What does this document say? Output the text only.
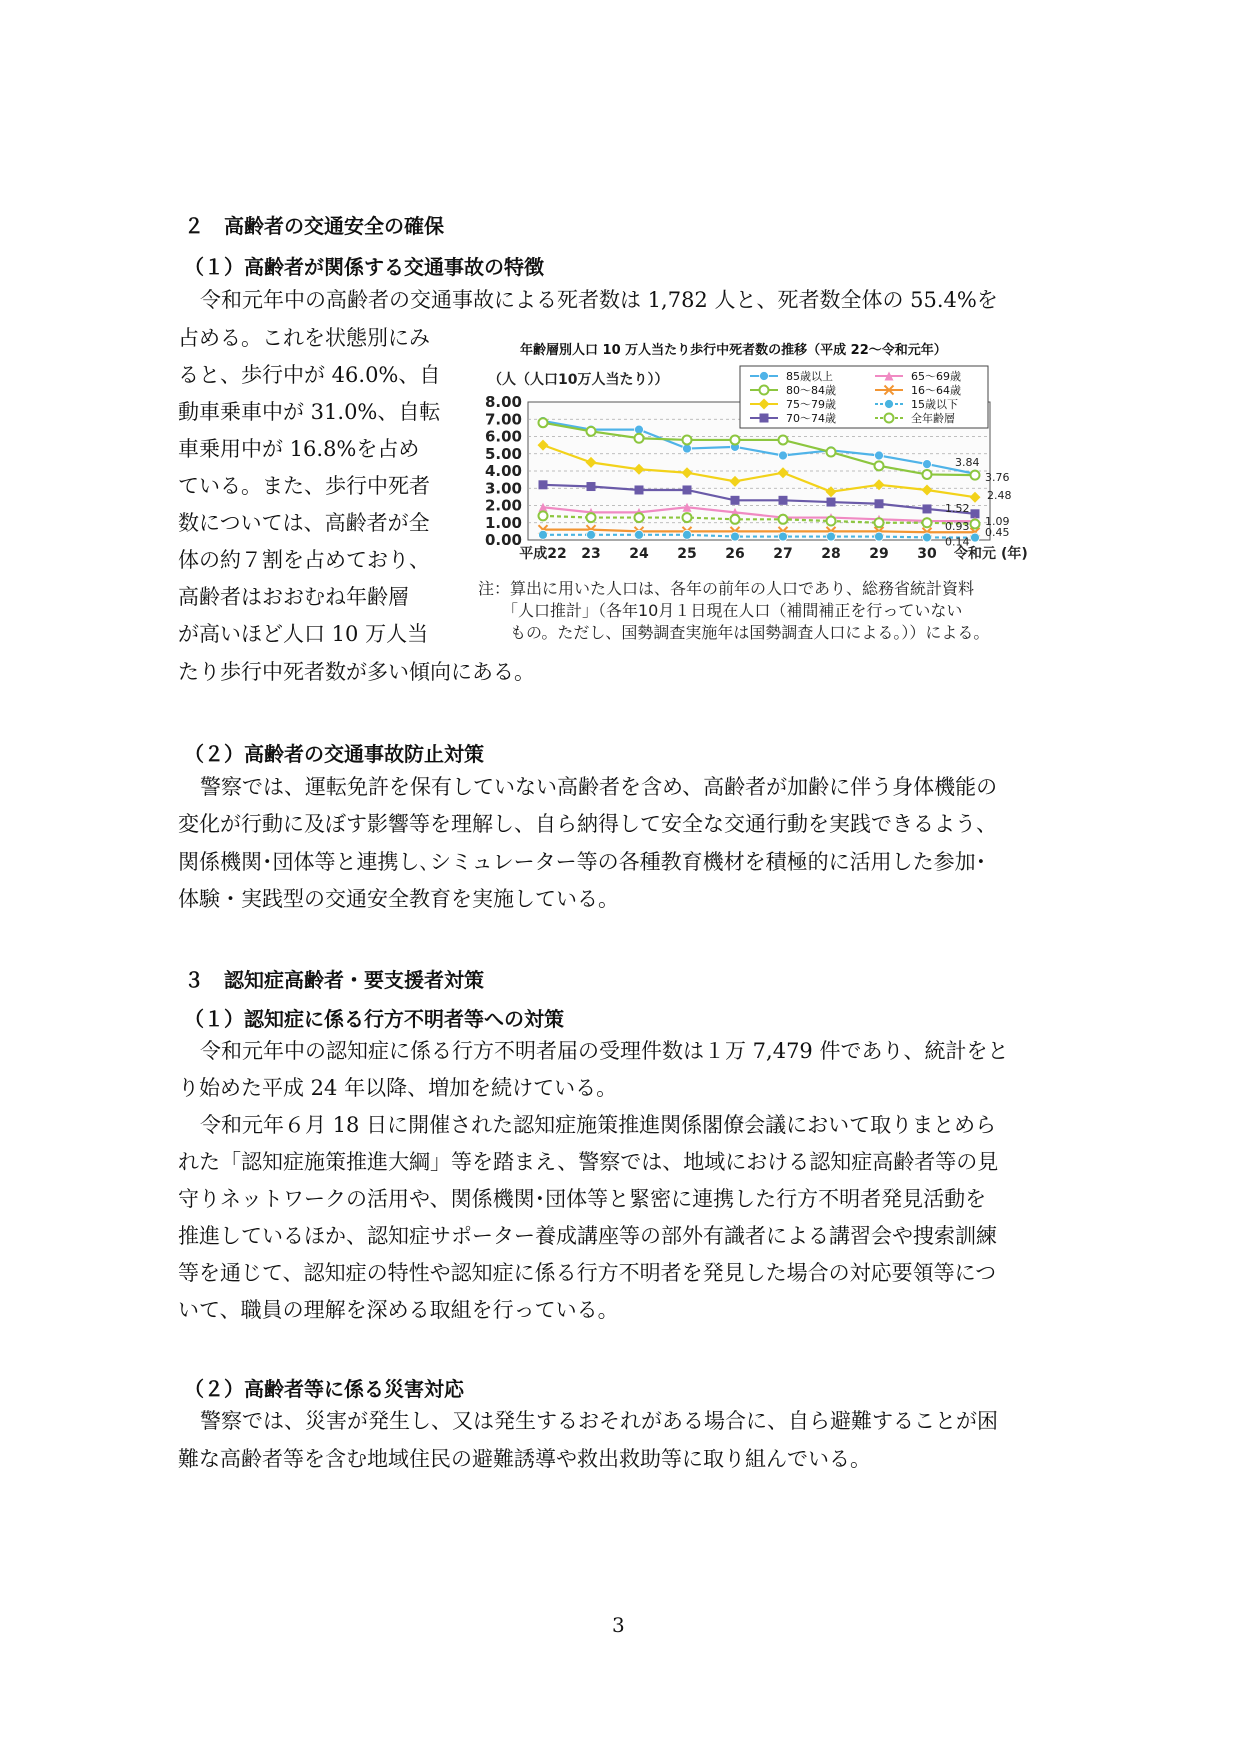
２　高齢者の交通安全の確保
（１）高齢者が関係する交通事故の特徴
令和元年中の高齢者の交通事故による死者数は 1,782 人と、死者数全体の 55.4%を
占める。これを状態別にみ
ると、歩行中が 46.0%、自
動車乗車中が 31.0%、自転
車乗用中が 16.8%を占め
ている。また、歩行中死者
数については、高齢者が全
体の約７割を占めており、
高齢者はおおむね年齢層
が高いほど人口 10 万人当
たり歩行中死者数が多い傾向にある。
年齢層別人口 10 万人当たり歩行中死者数の推移（平成 22～令和元年）
（人（人口10万人当たり））
0.00
1.00
2.00
3.00
4.00
5.00
6.00
7.00
8.00
平成22 23 24 25 26 27 28 29 30 令和元 (年)
85歳以上	65～69歳
80～84歳	16～64歳
75～79歳	15歳以下
70～74歳	全年齢層
3.84
3.76
2.48
1.52
1.09
0.93 0.45
0.14
注：算出に用いた人口は、各年の前年の人口であり、総務省統計資料
　　「人口推計」（各年10月１日現在人口（補間補正を行っていない
　　もの。ただし、国勢調査実施年は国勢調査人口による。））による。
（２）高齢者の交通事故防止対策
警察では、運転免許を保有していない高齢者を含め、高齢者が加齢に伴う身体機能の
変化が行動に及ぼす影響等を理解し、自ら納得して安全な交通行動を実践できるよう、
関係機関･団体等と連携し､シミュレーター等の各種教育機材を積極的に活用した参加･
体験・実践型の交通安全教育を実施している。
３　認知症高齢者・要支援者対策
（１）認知症に係る行方不明者等への対策
令和元年中の認知症に係る行方不明者届の受理件数は１万 7,479 件であり、統計をと
り始めた平成 24 年以降、増加を続けている。
令和元年６月 18 日に開催された認知症施策推進関係閣僚会議において取りまとめら
れた「認知症施策推進大綱」等を踏まえ、警察では、地域における認知症高齢者等の見
守りネットワークの活用や、関係機関･団体等と緊密に連携した行方不明者発見活動を
推進しているほか、認知症サポーター養成講座等の部外有識者による講習会や捜索訓練
等を通じて、認知症の特性や認知症に係る行方不明者を発見した場合の対応要領等につ
いて、職員の理解を深める取組を行っている。
（２）高齢者等に係る災害対応
警察では、災害が発生し、又は発生するおそれがある場合に、自ら避難することが困
難な高齢者等を含む地域住民の避難誘導や救出救助等に取り組んでいる。
3
